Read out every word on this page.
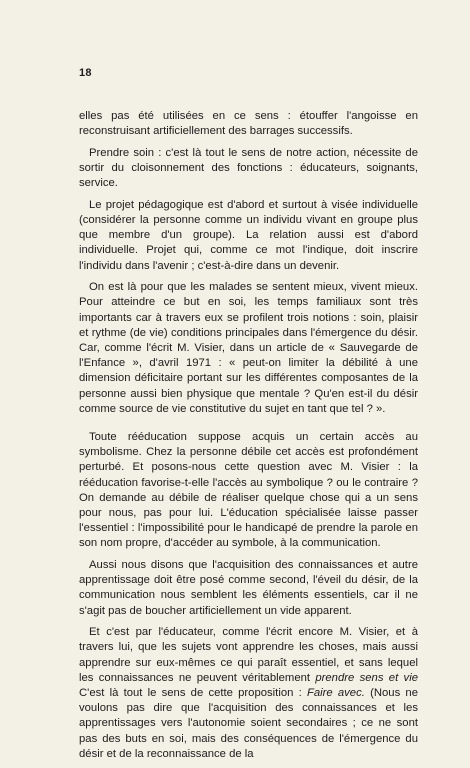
18

elles pas été utilisées en ce sens : étouffer l'angoisse en reconstruisant artificiellement des barrages successifs.

Prendre soin : c'est là tout le sens de notre action, nécessite de sortir du cloisonnement des fonctions : éducateurs, soignants, service.

Le projet pédagogique est d'abord et surtout à visée individuelle (considérer la personne comme un individu vivant en groupe plus que membre d'un groupe). La relation aussi est d'abord individuelle. Projet qui, comme ce mot l'indique, doit inscrire l'individu dans l'avenir ; c'est-à-dire dans un devenir.

On est là pour que les malades se sentent mieux, vivent mieux. Pour atteindre ce but en soi, les temps familiaux sont très importants car à travers eux se profilent trois notions : soin, plaisir et rythme (de vie) conditions principales dans l'émergence du désir. Car, comme l'écrit M. Visier, dans un article de « Sauvegarde de l'Enfance », d'avril 1971 : « peut-on limiter la débilité à une dimension déficitaire portant sur les différentes composantes de la personne aussi bien physique que mentale ? Qu'en est-il du désir comme source de vie constitutive du sujet en tant que tel ? ».

Toute rééducation suppose acquis un certain accès au symbolisme. Chez la personne débile cet accès est profondément perturbé. Et posons-nous cette question avec M. Visier : la rééducation favorise-t-elle l'accès au symbolique ? ou le contraire ? On demande au débile de réaliser quelque chose qui a un sens pour nous, pas pour lui. L'éducation spécialisée laisse passer l'essentiel : l'impossibilité pour le handicapé de prendre la parole en son nom propre, d'accéder au symbole, à la communication.

Aussi nous disons que l'acquisition des connaissances et autre apprentissage doit être posé comme second, l'éveil du désir, de la communication nous semblent les éléments essentiels, car il ne s'agit pas de boucher artificiellement un vide apparent.

Et c'est par l'éducateur, comme l'écrit encore M. Visier, et à travers lui, que les sujets vont apprendre les choses, mais aussi apprendre sur eux-mêmes ce qui paraît essentiel, et sans lequel les connaissances ne peuvent véritablement prendre sens et vie C'est là tout le sens de cette proposition : Faire avec. (Nous ne voulons pas dire que l'acquisition des connaissances et les apprentissages vers l'autonomie soient secondaires ; ce ne sont pas des buts en soi, mais des conséquences de l'émergence du désir et de la reconnaissance de la
